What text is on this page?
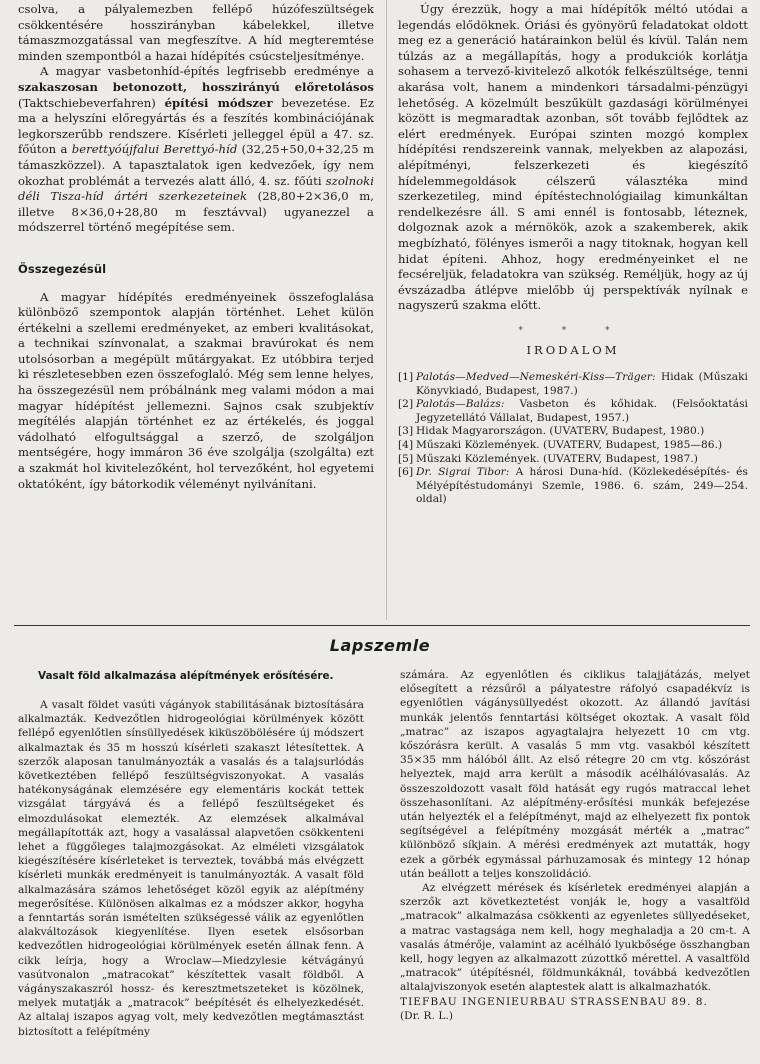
csolva, a pályalemezben fellépő húzófeszültségek csökkentésére hosszirányban kábelekkel, illetve támaszmozgatással van megfeszítve. A híd megteremtése minden szempontból a hazai hídépítés csúcsteljesítménye.

A magyar vasbetonhíd-építés legfrisebb eredménye a szakaszosan betonozott, hosszirányú előretolásos (Taktschiebeverfahren) építési módszer bevezetése. Ez ma a helyszíni előregyártás és a feszítés kombinációjának legkorszerűbb rendszere. Kísérleti jelleggel épül a 47. sz. főúton a berettyóújfalui Berettyó-híd (32,25+50,0+32,25 m támaszközzel). A tapasztalatok igen kedvezőek, így nem okozhat problémát a tervezés alatt álló, 4. sz. főúti szolnoki déli Tisza-híd ártéri szerkezeteinek (28,80+2×36,0 m, illetve 8×36,0+28,80 m fesztávval) ugyanezzel a módszerrel történő megépítése sem.

Összegezésül

A magyar hídépítés eredményeinek összefoglalása különböző szempontok alapján történhet. Lehet külön értékelni a szellemi eredményeket, az emberi kvalitásokat, a technikai színvonalat, a szakmai bravúrokat és nem utolsósorban a megépült műtárgyakat. Ez utóbbira terjed ki részletesebben ezen összefoglaló. Még sem lenne helyes, ha összegezésül nem próbálnánk meg valami módon a mai magyar hídépítést jellemezni. Sajnos csak szubjektív megítélés alapján történhet ez az értékelés, és joggal vádolható elfogultsággal a szerző, de szolgáljon mentségére, hogy immáron 36 éve szolgálja (szolgálta) ezt a szakmát hol kivitelezőként, hol tervezőként, hol egyetemi oktatóként, így bátorkodik véleményt nyilvánítani.

Úgy érezzük, hogy a mai hídépítők méltó utódai a legendás elődöknek. Óriási és gyönyörű feladatokat oldott meg ez a generáció határainkon belül és kívül. Talán nem túlzás az a megállapítás, hogy a produkciók korlátja sohasem a tervező-kivitelező alkotók felkészültsége, tenni akarása volt, hanem a mindenkori társadalmi-pénzügyi lehetőség. A közelmúlt beszűkült gazdasági körülményei között is megmaradtak azonban, sőt tovább fejlődtek az elért eredmények. Európai szinten mozgó komplex hídépítési rendszereink vannak, melyekben az alapozási, alépítményi, felszerkezeti és kiegészítő hídelemmegoldások célszerű választéka mind szerkezetileg, mind építéstechnológiailag kimunkáltan rendelkezésre áll. S ami ennél is fontosabb, léteznek, dolgoznak azok a mérnökök, azok a szakemberek, akik megbízható, fölényes ismerői a nagy titoknak, hogyan kell hidat építeni. Ahhoz, hogy eredményeinket el ne fecséreljük, feladatokra van szükség. Reméljük, hogy az új évszázadba átlépve mielőbb új perspektívák nyílnak e nagyszerű szakma előtt.

* * *
IRODALOM
[1] Palotás—Medved—Nemeskéri-Kiss—Träger: Hidak (Műszaki Könyvkiadó, Budapest, 1987.)
[2] Palotás—Balázs: Vasbeton és kőhidak. (Felsőoktatási Jegyzetellátó Vállalat, Budapest, 1957.)
[3] Hidak Magyarországon. (UVATERV, Budapest, 1980.)
[4] Műszaki Közlemények. (UVATERV, Budapest, 1985—86.)
[5] Műszaki Közlemények. (UVATERV, Budapest, 1987.)
[6] Dr. Sigrai Tibor: A hárosi Duna-híd. (Közlekedésépítés- és Mélyépítéstudományi Szemle, 1986. 6. szám, 249—254. oldal)
Lapszemle
Vasalt föld alkalmazása alépítmények erősítésére.

A vasalt földet vasúti vágányok stabilitásának biztosítására alkalmazták. Kedvezőtlen hidrogeológiai körülmények között fellépő egyenlőtlen sínsüllyedések kiküszöbölésére új módszert alkalmaztak és 35 m hosszú kísérleti szakaszt létesítettek. A szerzők alaposan tanulmányozták a vasalás és a talajsurlódás következtében fellépő feszültségviszonyokat. A vasalás hatékonyságának elemzésére egy elementáris kockát tettek vizsgálat tárgyává és a fellépő feszültségeket és elmozdulásokat elemezték. Az elemzések alkalmával megállapították azt, hogy a vasalással alapvetően csökkenteni lehet a függőleges talajmozgásokat. Az elméleti vizsgálatok kiegészítésére kísérleteket is terveztek, továbbá más elvégzett kísérleti munkák eredményeit is tanulmányozták. A vasalt föld alkalmazására számos lehetőséget közöl egyik az alépítmény megerősítése. Különösen alkalmas ez a módszer akkor, hogyha a fenntartás során ismételten szükségessé válik az egyenlőtlen alakváltozások kiegyenlítése. Ilyen esetek elsősorban kedvezőtlen hidrogeológiai körülmények esetén állnak fenn. A cikk leírja, hogy a Wroclaw—Miedzylesie kétvágányú vasútvonalon „matracokat” készítettek vasalt földből. A vágányszakaszról hossz- és keresztmetszeteket is közölnek, melyek mutatják a „matracok” beépítését és elhelyezkedését. Az altalaj iszapos agyag volt, mely kedvezőtlen megtámasztást biztosított a felépítmény

számára. Az egyenlőtlen és ciklikus talajjátázás, melyet elősegített a rézsűről a pályatestre ráfolyó csapadékvíz is egyenlőtlen vágánysüllyedést okozott. Az állandó javítási munkák jelentős fenntartási költséget okoztak. A vasalt föld „matrac” az iszapos agyagtalajra helyezett 10 cm vtg. kőszórásra került. A vasalás 5 mm vtg. vasakból készített 35×35 mm hálóból állt. Az első rétegre 20 cm vtg. kőszórást helyeztek, majd arra került a második acélhálóvasalás. Az összeszoldozott vasalt föld hatását egy rugós matraccal lehet összehasonlítani. Az alépítmény-erősítési munkák befejezése után helyezték el a felépítményt, majd az elhelyezett fix pontok segítségével a felépítmény mozgását mérték a „matrac” különböző síkjain. A mérési eredmények azt mutatták, hogy ezek a görbék egymással párhuzamosak és mintegy 12 hónap után beállott a teljes konszolidáció.

Az elvégzett mérések és kísérletek eredményei alapján a szerzők azt következtetést vonják le, hogy a vasaltföld „matracok” alkalmazása csökkenti az egyenletes süllyedéseket, a matrac vastagsága nem kell, hogy meghaladja a 20 cm-t. A vasalás átmérője, valamint az acélháló lyukbősége összhangban kell, hogy legyen az alkalmazott zúzottkő mérettel. A vasaltföld „matracok” útépítésnél, földmunkáknál, továbbá kedvezőtlen altalajviszonyok esetén alaptestek alatt is alkalmazhatók.

TIEFBAU INGENIEURBAU STRASSENBAU 89. 8.

(Dr. R. L.)
